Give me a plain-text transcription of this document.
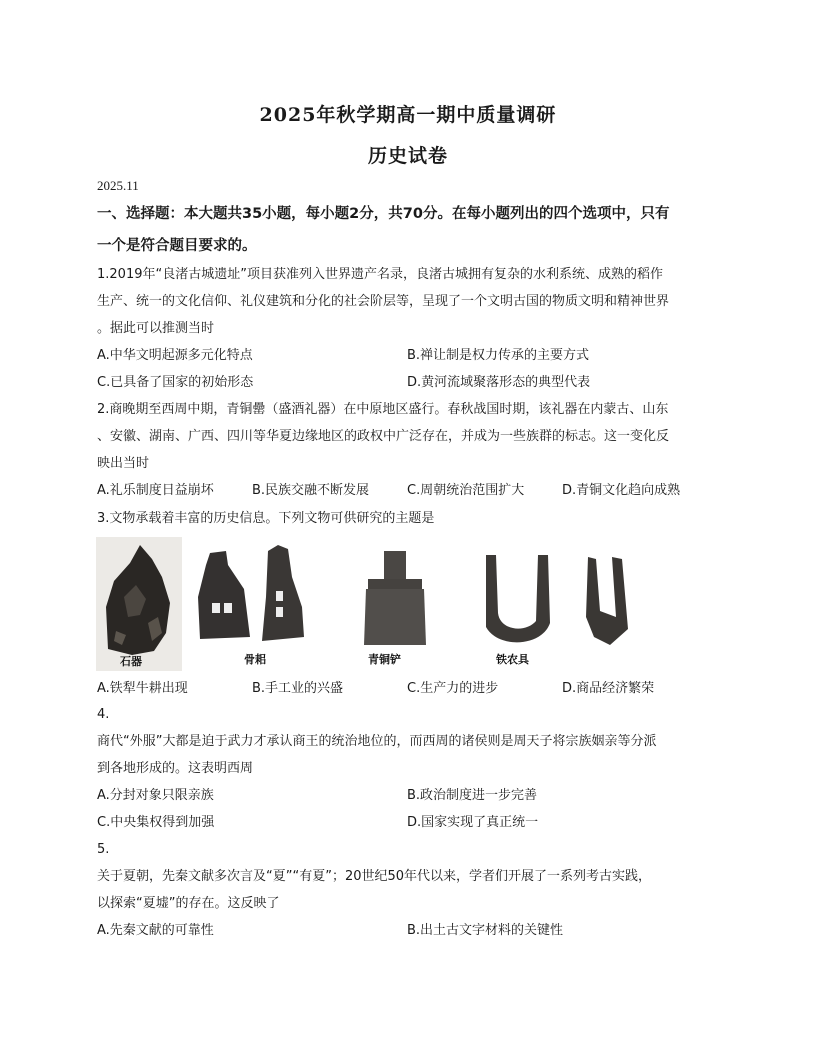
2025年秋学期高一期中质量调研
历史试卷
2025.11
一、选择题：本大题共35小题，每小题2分，共70分。在每小题列出的四个选项中，只有
一个是符合题目要求的。
1.2019年“良渚古城遗址”项目获准列入世界遗产名录，良渚古城拥有复杂的水利系统、成熟的稻作
生产、统一的文化信仰、礼仪建筑和分化的社会阶层等，呈现了一个文明古国的物质文明和精神世界
。据此可以推测当时
A.中华文明起源多元化特点	B.禅让制是权力传承的主要方式
C.已具备了国家的初始形态	D.黄河流域聚落形态的典型代表
2.商晚期至西周中期，青铜罍（盛酒礼器）在中原地区盛行。春秋战国时期，该礼器在内蒙古、山东
、安徽、湖南、广西、四川等华夏边缘地区的政权中广泛存在，并成为一些族群的标志。这一变化反
映出当时
A.礼乐制度日益崩坏	B.民族交融不断发展	C.周朝统治范围扩大	D.青铜文化趋向成熟
3.文物承载着丰富的历史信息。下列文物可供研究的主题是
石器	骨耜	青铜铲	铁农具
A.铁犁牛耕出现	B.手工业的兴盛	C.生产力的进步	D.商品经济繁荣
4.
商代“外服”大都是迫于武力才承认商王的统治地位的，而西周的诸侯则是周天子将宗族姻亲等分派
到各地形成的。这表明西周
A.分封对象只限亲族	B.政治制度进一步完善
C.中央集权得到加强	D.国家实现了真正统一
5.
关于夏朝，先秦文献多次言及“夏”“有夏”；20世纪50年代以来，学者们开展了一系列考古实践，
以探索“夏墟”的存在。这反映了
A.先秦文献的可靠性	B.出土古文字材料的关键性
